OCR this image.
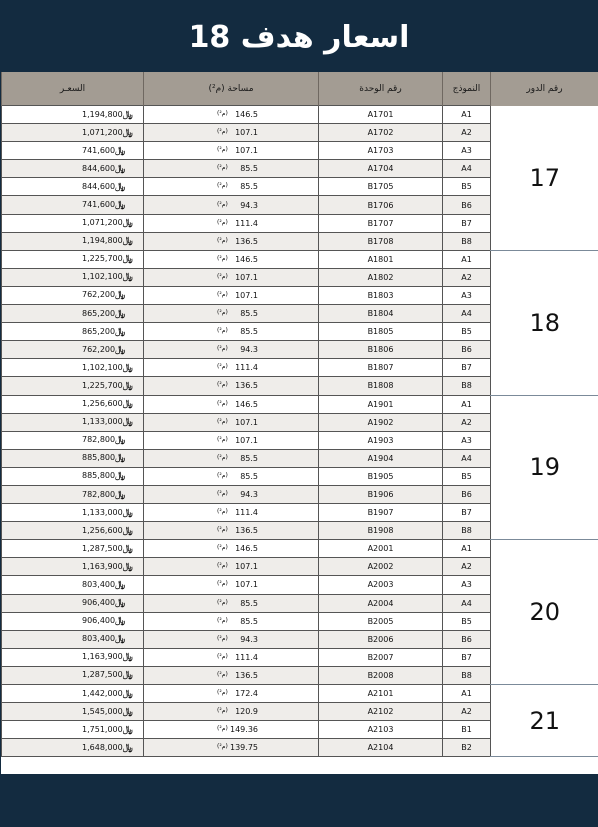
اسعار هدف 18
رقم الدور	النموذج	رقم الوحدة	مساحة (م²)	السعـر
17	A1	A1701	(م²) 146.5	1,194,800 ﷼

	A2	A1702	(م²) 107.1	1,071,200 ﷼

	A3	A1703	(م²) 107.1	741,600 ﷼

	A4	A1704	(م²) 85.5	844,600 ﷼

	B5	B1705	(م²) 85.5	844,600 ﷼

	B6	B1706	(م²) 94.3	741,600 ﷼

	B7	B1707	(م²) 111.4	1,071,200 ﷼

	B8	B1708	(م²) 136.5	1,194,800 ﷼

18	A1	A1801	(م²) 146.5	1,225,700 ﷼

	A2	A1802	(م²) 107.1	1,102,100 ﷼

	A3	B1803	(م²) 107.1	762,200 ﷼

	A4	B1804	(م²) 85.5	865,200 ﷼

	B5	B1805	(م²) 85.5	865,200 ﷼

	B6	B1806	(م²) 94.3	762,200 ﷼

	B7	B1807	(م²) 111.4	1,102,100 ﷼

	B8	B1808	(م²) 136.5	1,225,700 ﷼

19	A1	A1901	(م²) 146.5	1,256,600 ﷼

	A2	A1902	(م²) 107.1	1,133,000 ﷼

	A3	A1903	(م²) 107.1	782,800 ﷼

	A4	A1904	(م²) 85.5	885,800 ﷼

	B5	B1905	(م²) 85.5	885,800 ﷼

	B6	B1906	(م²) 94.3	782,800 ﷼

	B7	B1907	(م²) 111.4	1,133,000 ﷼

	B8	B1908	(م²) 136.5	1,256,600 ﷼

20	A1	A2001	(م²) 146.5	1,287,500 ﷼

	A2	A2002	(م²) 107.1	1,163,900 ﷼

	A3	A2003	(م²) 107.1	803,400 ﷼

	A4	A2004	(م²) 85.5	906,400 ﷼

	B5	B2005	(م²) 85.5	906,400 ﷼

	B6	B2006	(م²) 94.3	803,400 ﷼

	B7	B2007	(م²) 111.4	1,163,900 ﷼

	B8	B2008	(م²) 136.5	1,287,500 ﷼

21	A1	A2101	(م²) 172.4	1,442,000 ﷼

	A2	A2102	(م²) 120.9	1,545,000 ﷼

	B1	A2103	(م²) 149.36	1,751,000 ﷼

	B2	A2104	(م²) 139.75	1,648,000 ﷼
